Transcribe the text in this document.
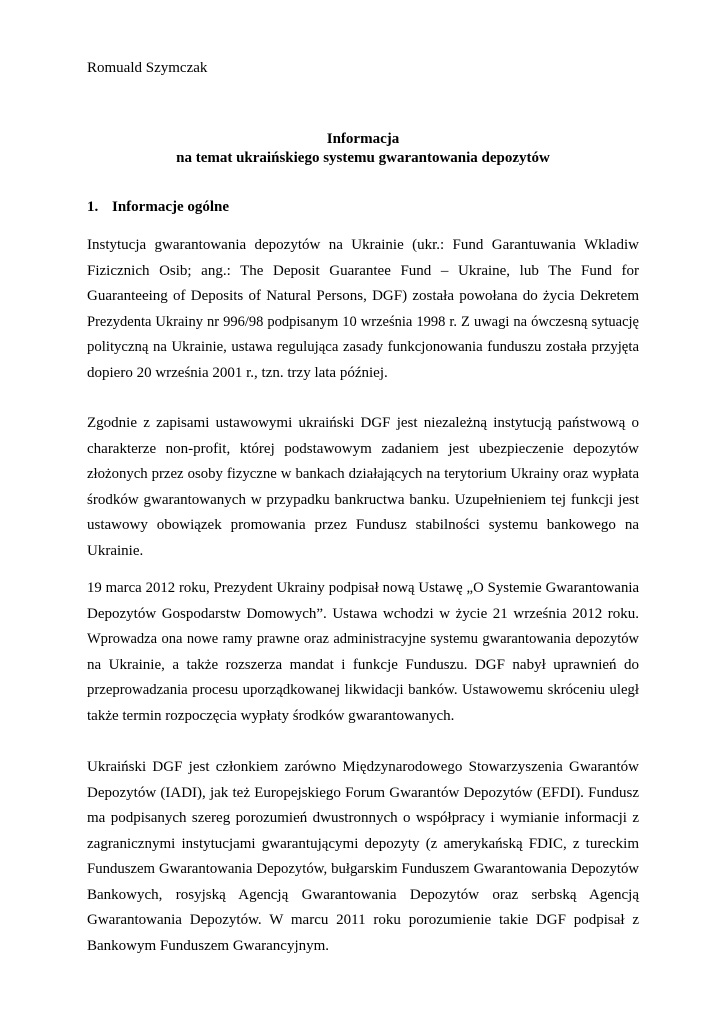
Romuald Szymczak
Informacja
na temat ukraińskiego systemu gwarantowania depozytów
1. Informacje ogólne
Instytucja gwarantowania depozytów na Ukrainie (ukr.: Fund Garantuwania Wkladiw
Fizicznich Osib; ang.: The Deposit Guarantee Fund – Ukraine, lub The Fund for
Guaranteeing of Deposits of Natural Persons, DGF) została powołana do życia Dekretem
Prezydenta Ukrainy nr 996/98 podpisanym 10 września 1998 r. Z uwagi na ówczesną sytuację
polityczną na Ukrainie, ustawa regulująca zasady funkcjonowania funduszu została przyjęta
dopiero 20 września 2001 r., tzn. trzy lata później.
Zgodnie z zapisami ustawowymi ukraiński DGF jest niezależną instytucją państwową o
charakterze non-profit, której podstawowym zadaniem jest ubezpieczenie depozytów
złożonych przez osoby fizyczne w bankach działających na terytorium Ukrainy oraz wypłata
środków gwarantowanych w przypadku bankructwa banku. Uzupełnieniem tej funkcji jest
ustawowy obowiązek promowania przez Fundusz stabilności systemu bankowego na
Ukrainie.
19 marca 2012 roku, Prezydent Ukrainy podpisał nową Ustawę „O Systemie Gwarantowania
Depozytów Gospodarstw Domowych”. Ustawa wchodzi w życie 21 września 2012 roku.
Wprowadza ona nowe ramy prawne oraz administracyjne systemu gwarantowania depozytów
na Ukrainie, a także rozszerza mandat i funkcje Funduszu. DGF nabył uprawnień do
przeprowadzania procesu uporządkowanej likwidacji banków. Ustawowemu skróceniu uległ
także termin rozpoczęcia wypłaty środków gwarantowanych.
Ukraiński DGF jest członkiem zarówno Międzynarodowego Stowarzyszenia Gwarantów
Depozytów (IADI), jak też Europejskiego Forum Gwarantów Depozytów (EFDI). Fundusz
ma podpisanych szereg porozumień dwustronnych o współpracy i wymianie informacji z
zagranicznymi instytucjami gwarantującymi depozyty (z amerykańską FDIC, z tureckim
Funduszem Gwarantowania Depozytów, bułgarskim Funduszem Gwarantowania Depozytów
Bankowych, rosyjską Agencją Gwarantowania Depozytów oraz serbską Agencją
Gwarantowania Depozytów. W marcu 2011 roku porozumienie takie DGF podpisał z
Bankowym Funduszem Gwarancyjnym.
